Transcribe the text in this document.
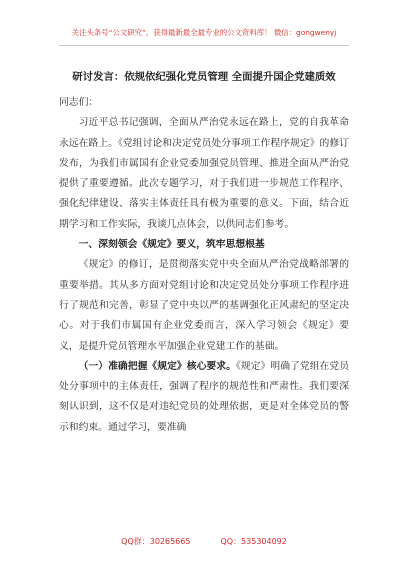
关注头条号“公文研究”，获得最新最全最专业的公文资料库！ 微信：gongwenyj
研讨发言：依规依纪强化党员管理 全面提升国企党建质效

同志们：

习近平总书记强调，全面从严治党永远在路上，党的自我革命永远在路上。《党组讨论和决定党员处分事项工作程序规定》的修订发布，为我们市属国有企业党委加强党员管理、推进全面从严治党提供了重要遵循。此次专题学习，对于我们进一步规范工作程序、强化纪律建设、落实主体责任具有极为重要的意义。下面，结合近期学习和工作实际，我谈几点体会，以供同志们参考。

一、深刻领会《规定》要义，筑牢思想根基

《规定》的修订，是贯彻落实党中央全面从严治党战略部署的重要举措。其从多方面对党组讨论和决定党员处分事项工作程序进行了规范和完善，彰显了党中央以严的基调强化正风肃纪的坚定决心。对于我们市属国有企业党委而言，深入学习领会《规定》要义，是提升党员管理水平加强企业党建工作的基础。

（一）准确把握《规定》核心要求。《规定》明确了党组在党员处分事项中的主体责任，强调了程序的规范性和严肃性。我们要深刻认识到，这不仅是对违纪党员的处理依据，更是对全体党员的警示和约束。通过学习，要准确

QQ群：30265665	QQ：535304092
